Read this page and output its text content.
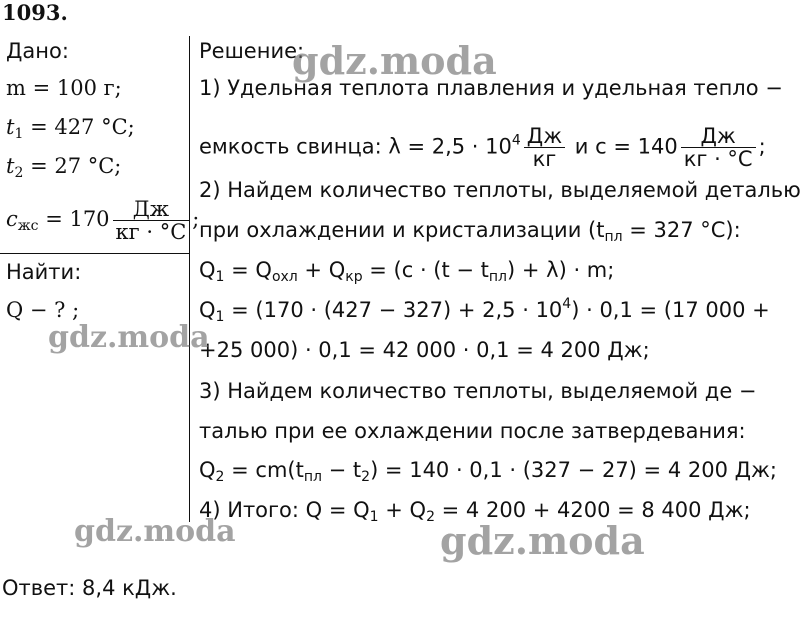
1093.
Дано:
m = 100 г;
$t_1 = 427$ °C;
$t_2 = 27$ °C;
$c_{жс} = 170 \frac{Дж}{кг \cdot ^\circ C}$ ;
Найти:
Q − ? ;
Решение:
1) Удельная теплота плавления и удельная тепло −
емкость свинца: $\lambda = 2,5 \cdot 10^4 \frac{Дж}{кг}$ и $c = 140 \frac{Дж}{кг \cdot ^\circ C}$ ;
2) Найдем количество теплоты, выделяемой деталью
при охлаждении и кристализации ($t_{пл} = 327$ °C):
$Q_1 = Q_{охл} + Q_{кр} = (c \cdot (t - t_{пл}) + \lambda) \cdot m$;
$Q_1 = (170 \cdot (427 - 327) + 2,5 \cdot 10^4) \cdot 0,1 = (17$ 000 +
+25 000) · 0,1 = 42 000 · 0,1 = 4 200 Дж;
3) Найдем количество теплоты, выделяемой де −
талью при ее охлаждении после затвердевания:
$Q_2 = cm(t_{пл} - t_2) = 140 \cdot 0,1 \cdot (327 - 27) = 4$ 200 Дж;
4) Итого: $Q = Q_1 + Q_2 = 4$ 200 + 4200 = 8 400 Дж;
Ответ: 8,4 кДж.
gdz.moda
gdz.moda
gdz.moda	gdz.moda
